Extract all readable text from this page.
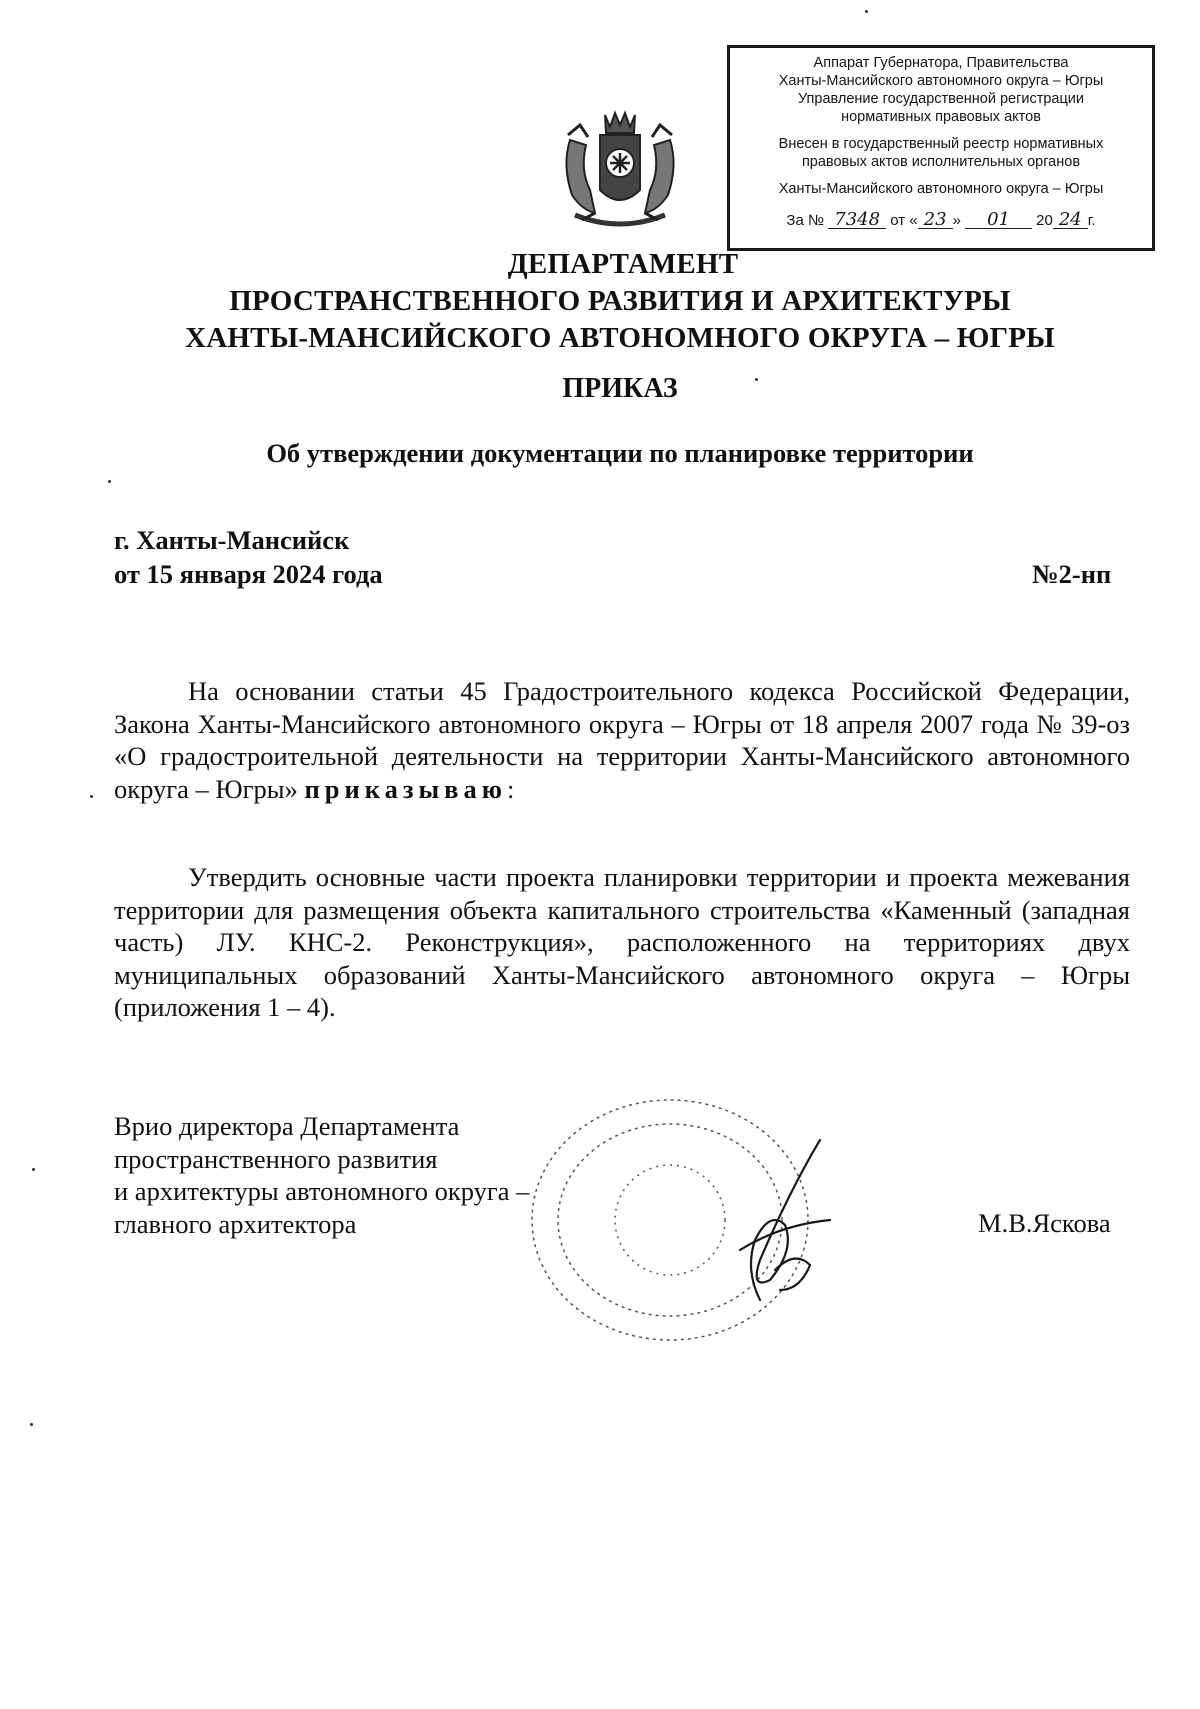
Аппарат Губернатора, Правительства
Ханты-Мансийского автономного округа – Югры
Управление государственной регистрации
нормативных правовых актов
Внесен в государственный реестр нормативных
правовых актов исполнительных органов
Ханты-Мансийского автономного округа – Югры
За № 7348 от « 23 » 01 20 24 г.
ДЕПАРТАМЕНТ
ПРОСТРАНСТВЕННОГО РАЗВИТИЯ И АРХИТЕКТУРЫ
ХАНТЫ-МАНСИЙСКОГО АВТОНОМНОГО ОКРУГА – ЮГРЫ
ПРИКАЗ
Об утверждении документации по планировке территории
г. Ханты-Мансийск
от 15 января 2024 года	№2-нп
На основании статьи 45 Градостроительного кодекса Российской Федерации, Закона Ханты-Мансийского автономного округа – Югры от 18 апреля 2007 года № 39-оз «О градостроительной деятельности на территории Ханты-Мансийского автономного округа – Югры» приказываю:
Утвердить основные части проекта планировки территории и проекта межевания территории для размещения объекта капитального строительства «Каменный (западная часть) ЛУ. КНС-2. Реконструкция», расположенного на территориях двух муниципальных образований Ханты-Мансийского автономного округа – Югры (приложения 1 – 4).
Врио директора Департамента
пространственного развития
и архитектуры автономного округа –
главного архитектора	М.В.Яскова
